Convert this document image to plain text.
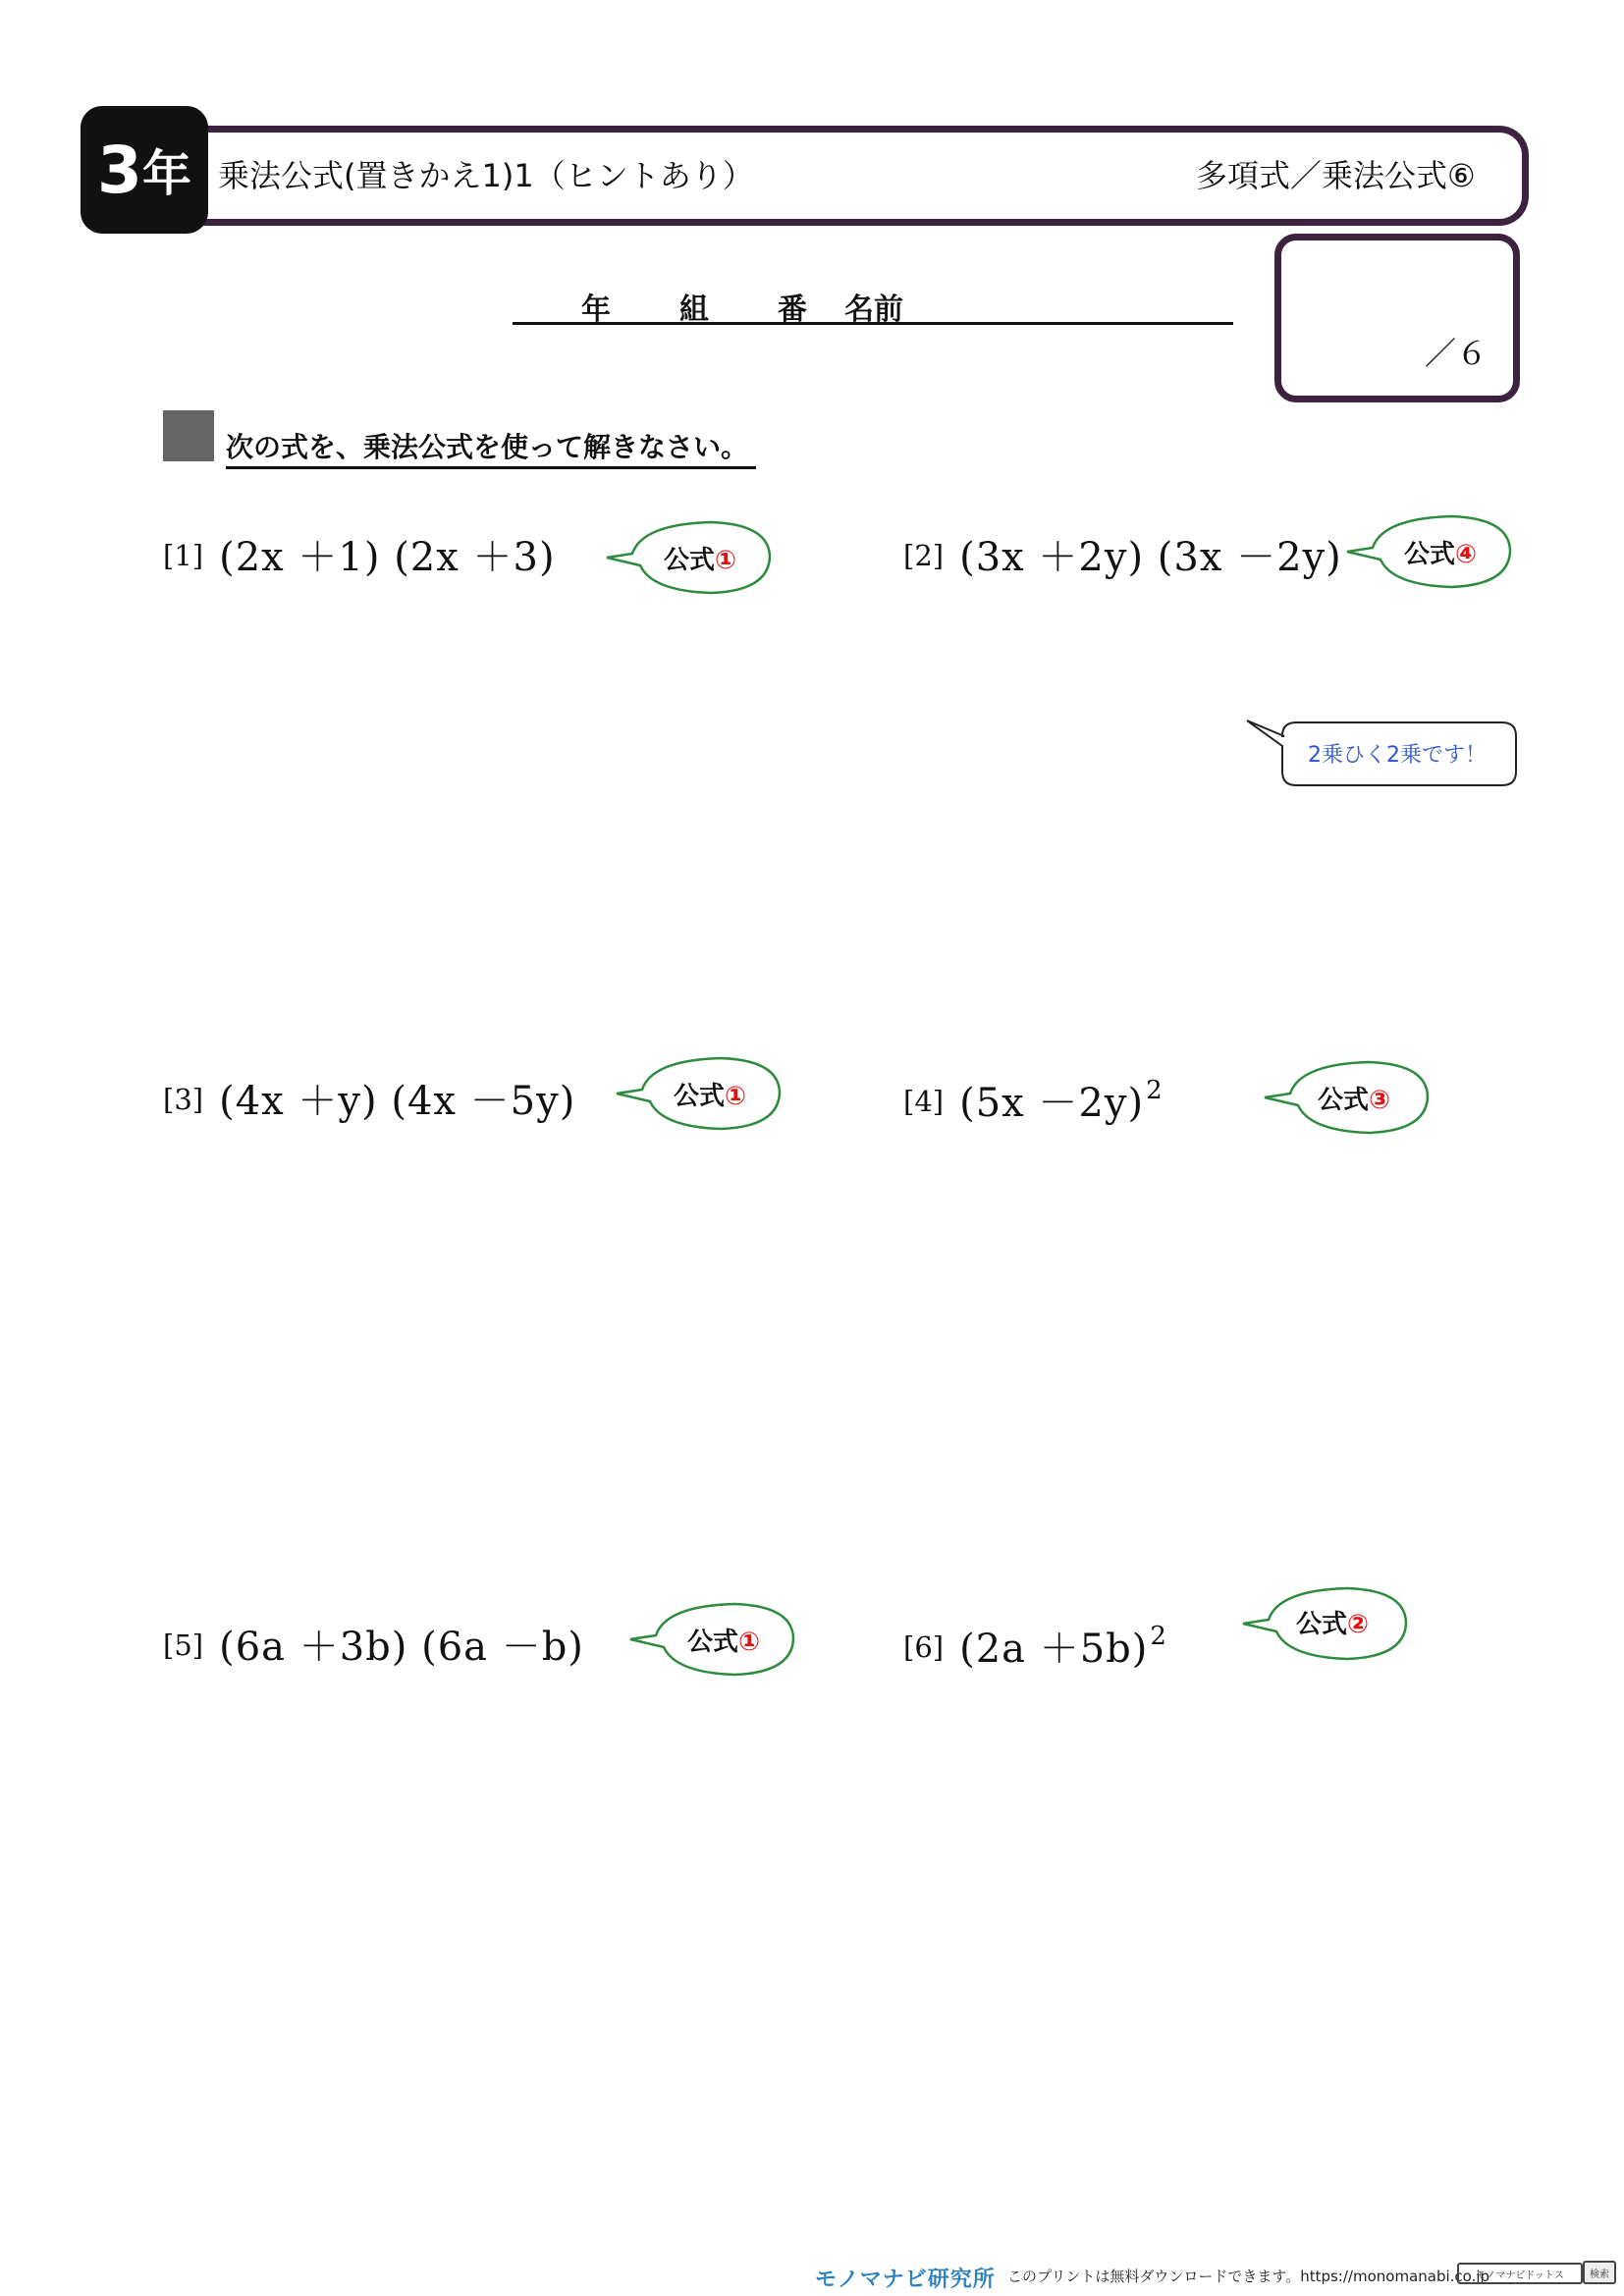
3 年 乗法公式(置きかえ1)1（ヒントあり）	多項式／乗法公式⑥
年 組 番 名前
／６
次の式を、乗法公式を使って解きなさい。
[1] (2x ＋1) (2x ＋3)	公式①	[2] (3x ＋2y) (3x －2y) 公式④
2乗ひく2乗です！
[3] (4x ＋y) (4x －5y)	公式①	[4] $(5x -2y)^2$	公式③
[5] (6a ＋3b) (6a －b)	公式①	[6] $(2a +5b)^2$	公式②
モノマナビ研究所 このプリントは無料ダウンロードできます。https://monomanabi.co.jp
モノマナビドットス	検索
